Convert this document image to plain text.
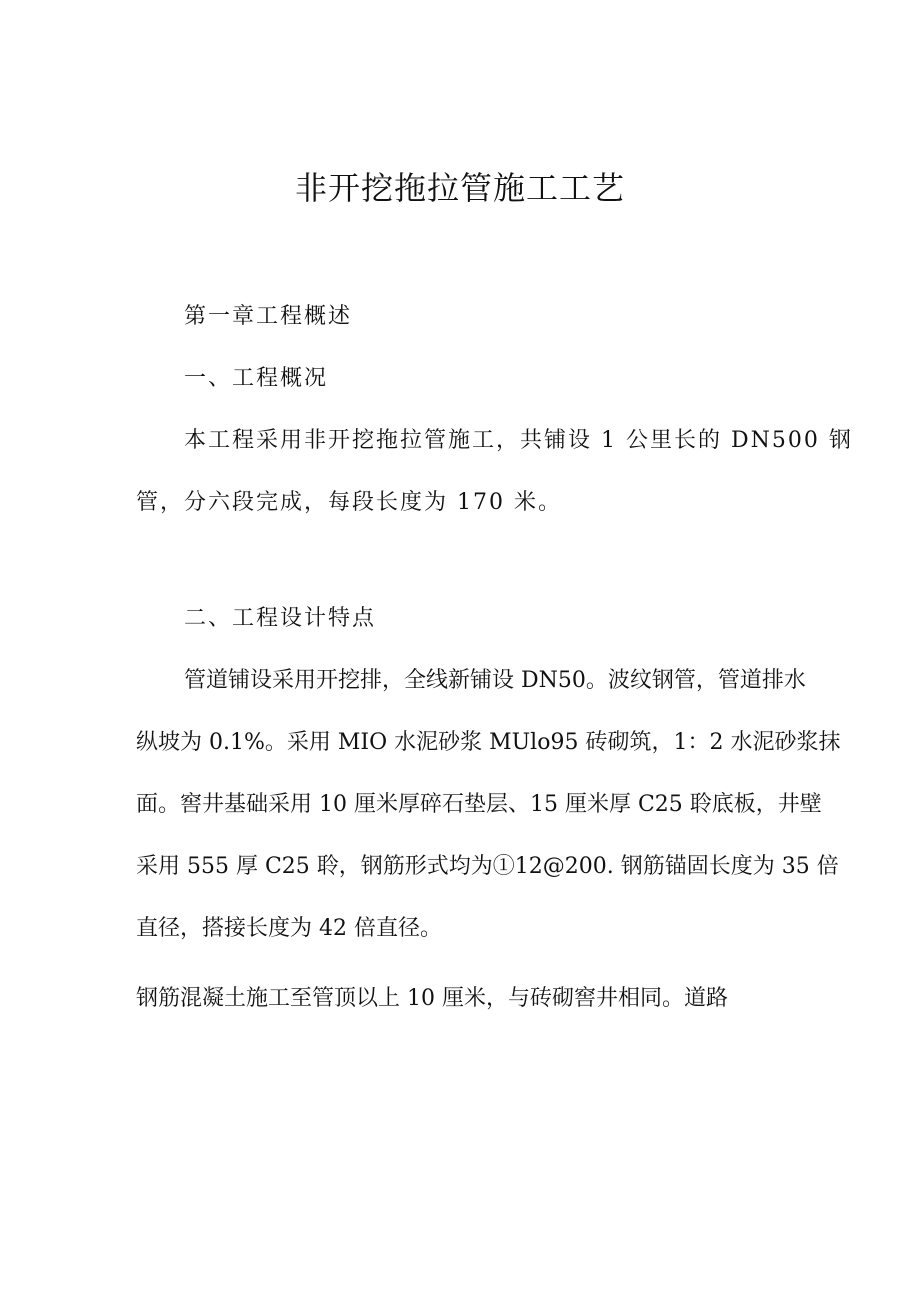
非开挖拖拉管施工工艺

第一章工程概述

一、工程概况

本工程采用非开挖拖拉管施工，共铺设 1 公里长的 DN500 钢

管，分六段完成，每段长度为 170 米。

二、工程设计特点

管道铺设采用开挖排，全线新铺设 DN50。波纹钢管，管道排水

纵坡为 0.1%。采用 MIO 水泥砂浆 MUlo95 砖砌筑，1：2 水泥砂浆抹

面。窖井基础采用 10 厘米厚碎石垫层、15 厘米厚 C25 聆底板，井壁

采用 555 厚 C25 聆，钢筋形式均为①12@200. 钢筋锚固长度为 35 倍

直径，搭接长度为 42 倍直径。

钢筋混凝土施工至管顶以上 10 厘米，与砖砌窖井相同。道路
